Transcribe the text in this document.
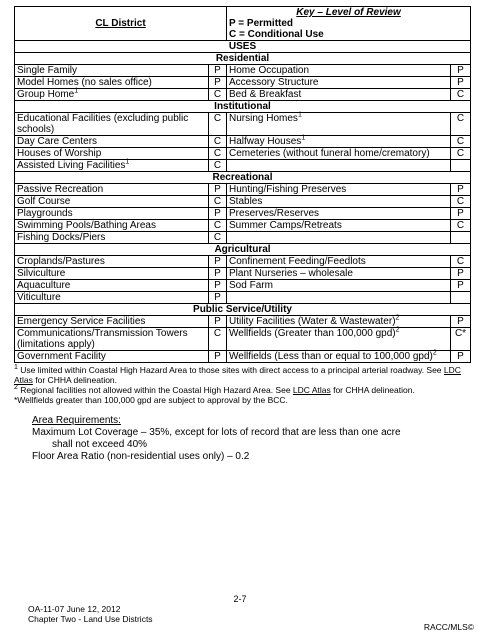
CL District		Key – Level of Review
P = Permitted
C = Conditional Use	

USES			
Residential			
Single Family	P	Home Occupation	P
Model Homes (no sales office)	P	Accessory Structure	P
Group Home$^1$	C	Bed & Breakfast	C
Institutional			
Educational Facilities (excluding public schools)	C	Nursing Homes$^1$	C
Day Care Centers	C	Halfway Houses$^1$	C
Houses of Worship	C	Cemeteries (without funeral home/crematory)	C
Assisted Living Facilities$^1$	C		
Recreational			
Passive Recreation	P	Hunting/Fishing Preserves	P
Golf Course	C	Stables	C
Playgrounds	P	Preserves/Reserves	P
Swimming Pools/Bathing Areas	C	Summer Camps/Retreats	C
Fishing Docks/Piers	C		
Agricultural			
Croplands/Pastures	P	Confinement Feeding/Feedlots	C
Silviculture	P	Plant Nurseries – wholesale	P
Aquaculture	P	Sod Farm	P
Viticulture	P		
Public Service/Utility			
Emergency Service Facilities	P	Utility Facilities (Water & Wastewater)$^2$	P
Communications/Transmission Towers (limitations apply)	C	Wellfields (Greater than 100,000 gpd)$^2$	C*
Government Facility	P	Wellfields (Less than or equal to 100,000 gpd)$^2$	P

$^1$ Use limited within Coastal High Hazard Area to those sites with direct access to a principal arterial roadway. See LDC Atlas for CHHA delineation.

$^2$ Regional facilities not allowed within the Coastal High Hazard Area. See LDC Atlas for CHHA delineation.

*Wellfields greater than 100,000 gpd are subject to approval by the BCC.

Area Requirements:
Maximum Lot Coverage – 35%, except for lots of record that are less than one acre
shall not exceed 40%
Floor Area Ratio (non-residential uses only) – 0.2
2-7
OA-11-07 June 12, 2012
Chapter Two - Land Use Districts
RACC/MLS©
